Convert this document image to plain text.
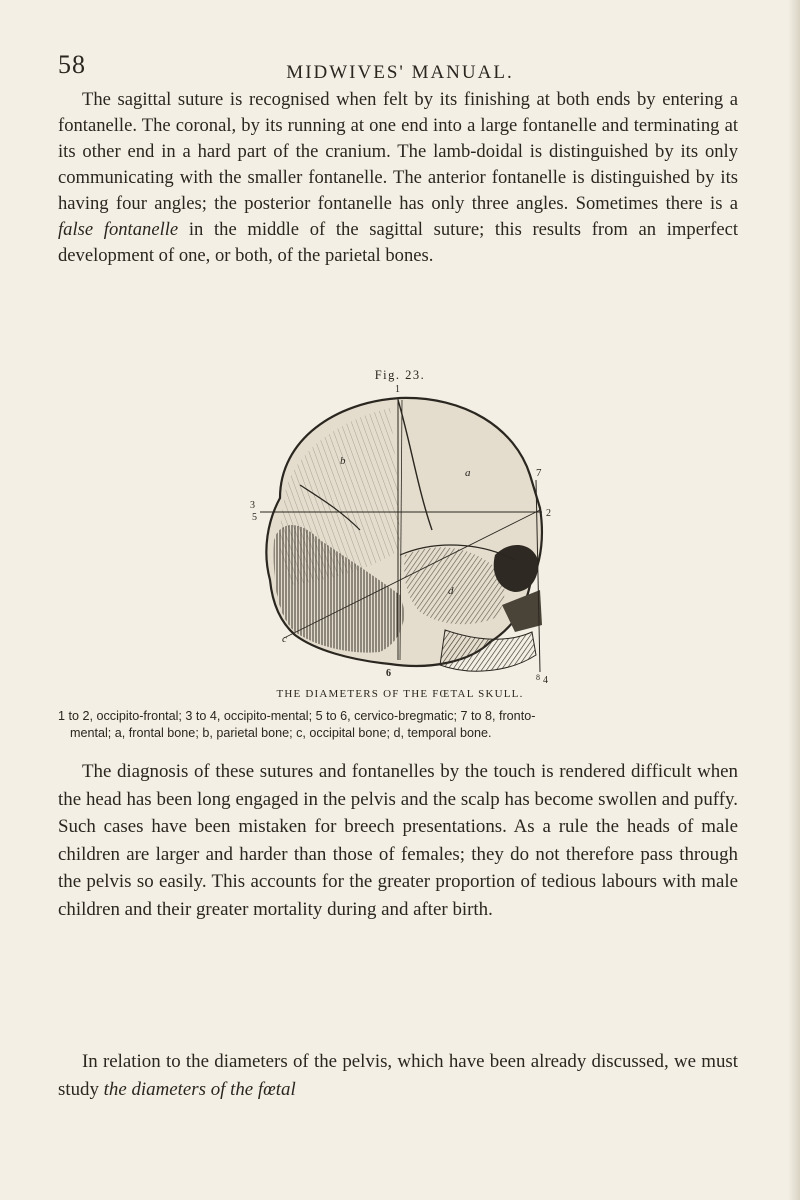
58	MIDWIVES' MANUAL.
The sagittal suture is recognised when felt by its finishing at both ends by entering a fontanelle. The coronal, by its running at one end into a large fontanelle and terminating at its other end in a hard part of the cranium. The lamb-doidal is distinguished by its only communicating with the smaller fontanelle. The anterior fontanelle is distinguished by its having four angles; the posterior fontanelle has only three angles. Sometimes there is a false fontanelle in the middle of the sagittal suture; this results from an imperfect development of one, or both, of the parietal bones.
Fig. 23.
1
3
5
7
2
6	8 4
a
b
c
d
THE DIAMETERS OF THE FŒTAL SKULL.
1 to 2, occipito-frontal; 3 to 4, occipito-mental; 5 to 6, cervico-bregmatic; 7 to 8, fronto-
mental; a, frontal bone; b, parietal bone; c, occipital bone; d, temporal bone.
The diagnosis of these sutures and fontanelles by the touch is rendered difficult when the head has been long engaged in the pelvis and the scalp has become swollen and puffy. Such cases have been mistaken for breech presentations. As a rule the heads of male children are larger and harder than those of females; they do not therefore pass through the pelvis so easily. This accounts for the greater proportion of tedious labours with male children and their greater mortality during and after birth.
In relation to the diameters of the pelvis, which have been already discussed, we must study the diameters of the fœtal
